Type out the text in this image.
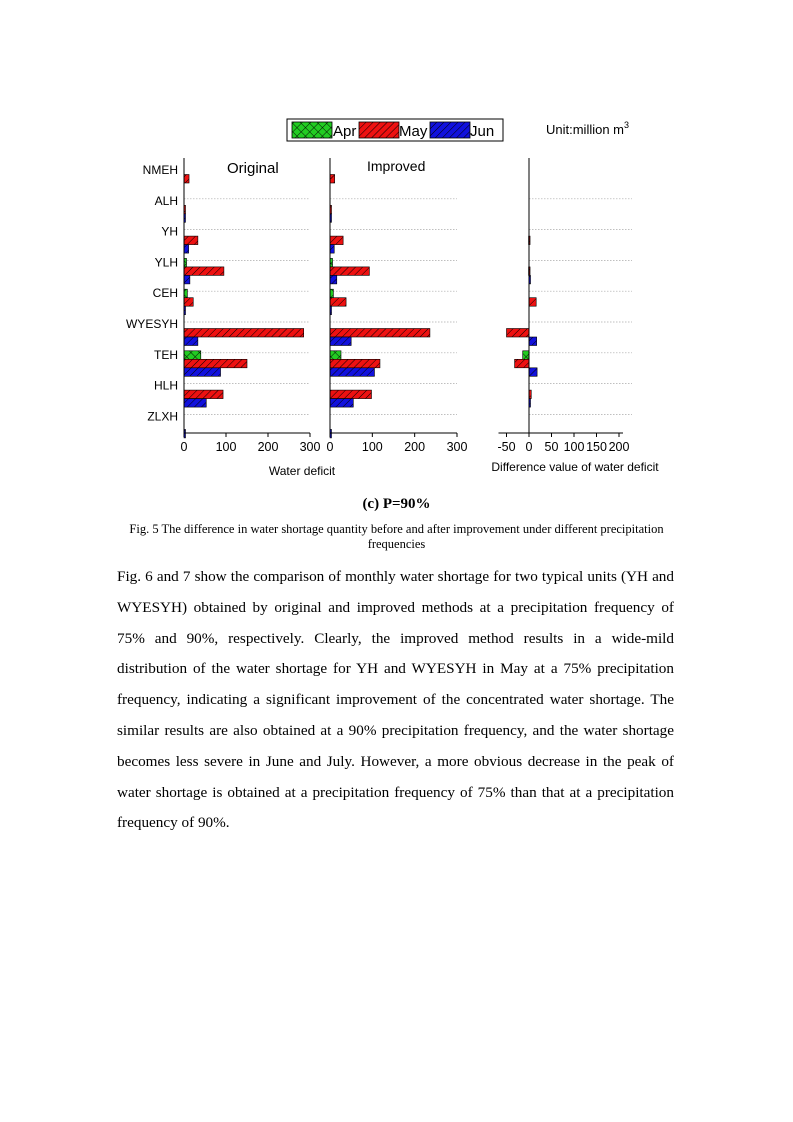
Apr	May	Jun	Unit:million $m^3$
Original	Improved
Water deficit	Difference value of water deficit
NMEH
ALH
YH
YLH
CEH
WYESYH
TEH
HLH
ZLXH
0 100 200 300 0 100 200 300 -50 0 50 100 150 200
(c) P=90%
Fig. 5 The difference in water shortage quantity before and after improvement under different precipitation frequencies

Fig. 6 and 7 show the comparison of monthly water shortage for two typical units (YH and WYESYH) obtained by original and improved methods at a precipitation frequency of 75% and 90%, respectively. Clearly, the improved method results in a wide-mild distribution of the water shortage for YH and WYESYH in May at a 75% precipitation frequency, indicating a significant improvement of the concentrated water shortage. The similar results are also obtained at a 90% precipitation frequency, and the water shortage becomes less severe in June and July. However, a more obvious decrease in the peak of water shortage is obtained at a precipitation frequency of 75% than that at a precipitation frequency of 90%.
